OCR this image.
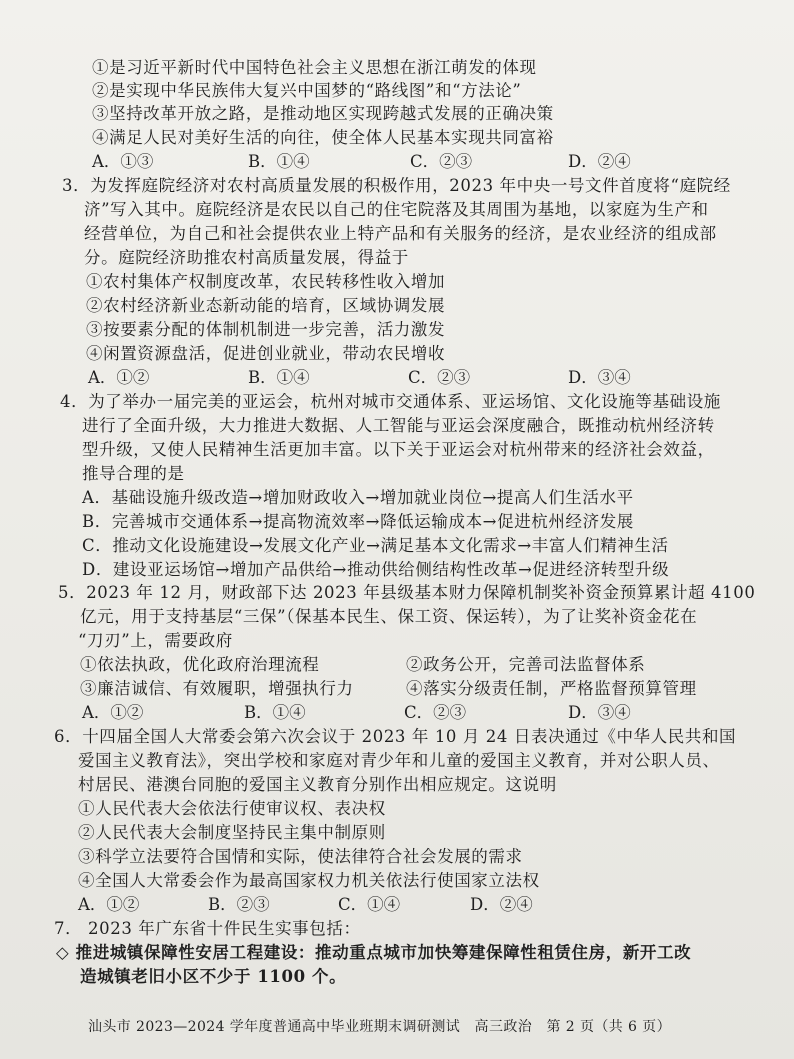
①是习近平新时代中国特色社会主义思想在浙江萌发的体现
②是实现中华民族伟大复兴中国梦的“路线图”和“方法论”
③坚持改革开放之路，是推动地区实现跨越式发展的正确决策
④满足人民对美好生活的向往，使全体人民基本实现共同富裕
A．①③	B．①④	C．②③	D．②④
3．为发挥庭院经济对农村高质量发展的积极作用，2023 年中央一号文件首度将“庭院经
济”写入其中。庭院经济是农民以自己的住宅院落及其周围为基地，以家庭为生产和
经营单位，为自己和社会提供农业上特产品和有关服务的经济，是农业经济的组成部
分。庭院经济助推农村高质量发展，得益于
①农村集体产权制度改革，农民转移性收入增加
②农村经济新业态新动能的培育，区域协调发展
③按要素分配的体制机制进一步完善，活力激发
④闲置资源盘活，促进创业就业，带动农民增收
A．①②	B．①④	C．②③	D．③④
4．为了举办一届完美的亚运会，杭州对城市交通体系、亚运场馆、文化设施等基础设施
进行了全面升级，大力推进大数据、人工智能与亚运会深度融合，既推动杭州经济转
型升级，又使人民精神生活更加丰富。以下关于亚运会对杭州带来的经济社会效益，
推导合理的是
A．基础设施升级改造→增加财政收入→增加就业岗位→提高人们生活水平
B．完善城市交通体系→提高物流效率→降低运输成本→促进杭州经济发展
C．推动文化设施建设→发展文化产业→满足基本文化需求→丰富人们精神生活
D．建设亚运场馆→增加产品供给→推动供给侧结构性改革→促进经济转型升级
5．2023 年 12 月，财政部下达 2023 年县级基本财力保障机制奖补资金预算累计超 4100
亿元，用于支持基层“三保”（保基本民生、保工资、保运转），为了让奖补资金花在
“刀刃”上，需要政府
①依法执政，优化政府治理流程	②政务公开，完善司法监督体系
③廉洁诚信、有效履职，增强执行力	④落实分级责任制，严格监督预算管理
A．①②	B．①④	C．②③	D．③④
6．十四届全国人大常委会第六次会议于 2023 年 10 月 24 日表决通过《中华人民共和国
爱国主义教育法》，突出学校和家庭对青少年和儿童的爱国主义教育，并对公职人员、
村居民、港澳台同胞的爱国主义教育分别作出相应规定。这说明
①人民代表大会依法行使审议权、表决权
②人民代表大会制度坚持民主集中制原则
③科学立法要符合国情和实际，使法律符合社会发展的需求
④全国人大常委会作为最高国家权力机关依法行使国家立法权
A．①②	B．②③	C．①④	D．②④
7． 2023 年广东省十件民生实事包括：
◇ 推进城镇保障性安居工程建设：推动重点城市加快筹建保障性租赁住房，新开工改
造城镇老旧小区不少于 1100 个。
汕头市 2023—2024 学年度普通高中毕业班期末调研测试　高三政治　第 2 页（共 6 页）
